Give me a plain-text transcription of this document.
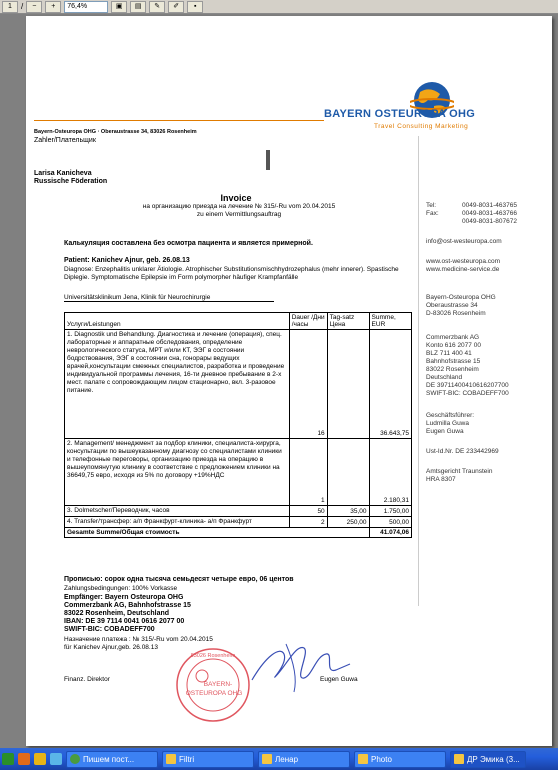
1	/	−	+	76,4%	▣	▤	✎	✐	▪
BAYERN OSTEUROPA OHG
Travel Consulting Marketing
Bayern-Osteuropa OHG · Oberaustrasse 34, 83026 Rosenheim
Zahler/Плательщик
Larisa Kanicheva
Russische Föderation
Invoice
на организацию приезда на лечение № 315/-Ru vom 20.04.2015
zu einem Vermittlungsauftrag
Tel:	0049-8031-463765
Fax:	0049-8031-463766
0049-8031-807672
info@ost-westeuropa.com
www.ost-westeuropa.com
www.medicine-service.de
Bayern-Osteuropa OHG
Oberaustrasse 34
D-83026 Rosenheim
Commerzbank AG
Konto 616 2077 00
BLZ 711 400 41
Bahnhofstrasse 15
83022 Rosenheim
Deutschland
DE 39711400410616207700
SWIFT-BIC: COBADEFF700
Geschäftsführer:
Ludmilla Guwa
Eugen Guwa
Ust-Id.Nr. DE 233442969
Amtsgericht Traunstein
HRA 8307
Калькуляция составлена без осмотра пациента и является примерной.
Patient: Kanichev Ajnur, geb. 26.08.13
Diagnose: Enzephalitis unklarer Ätiologie. Atrophischer Substitutionsmischhydrozephalus (mehr innerer). Spastische Diplegie. Symptomatische Epilepsie im Form polymorpher häufiger Krampfanfälle
Universitätsklinikum Jena, Klinik für Neurochirurgie
Услуги/Leistungen	Dauer /Дни /часы	Tag-satz Цена	Summe, EUR
1. Diagnostik und Behandlung. Диагностика и лечение (операция), спец. лабораторные и аппаратные обследования, определение неврологического статуса, МРТ и/или КТ, ЭЭГ в состоянии бодрствования, ЭЭГ в состоянии сна, гонорары ведущих врачей,консультации смежных специалистов, разработка и проведение индивидуальной программы лечения, 16-ти дневное пребывание в 2-х мест. палате с сопровождающим лицом стационарно, вкл. 3-разовое питание.	16		36.643,75
2. Management/ менеджмент за подбор клиники, специалиста-хирурга, консультации по вышеуказанному диагнозу со специалистами клиники и телефонные переговоры, организацию приезда на операцию в вышеупомянутую клинику в соответствие с предложением клиники на 36649,75 евро, исходя из 5% по договору +19%НДС	1		2.180,31
3. Dolmetscher/Переводчик, часов	50	35,00	1.750,00
4. Transfer/трансфер: а/п Франкфурт-клиника- а/п Франкфурт	2	250,00	500,00
Gesamte Summe/Общая стоимость			41.074,06
Прописью: сорок одна тысяча семьдесят четыре евро, 06 центов
Zahlungsbedingungen: 100% Vorkasse
Empfänger: Bayern Osteuropa OHG
Commerzbank AG, Bahnhofstrasse 15
83022 Rosenheim, Deutschland
IBAN: DE 39 7114 0041 0616 2077 00
SWIFT-BIC: COBADEFF700
Назначение платежа : № 315/-Ru vom 20.04.2015
für Kanichev Ajnur,geb. 26.08.13
Finanz. Direktor	Eugen Guwa
83026 Rosenheim
BAYERN-
OSTEUROPA OHG
Пишем пост...	Filtri	Ленар	Photo	ДР Эмика (3...
